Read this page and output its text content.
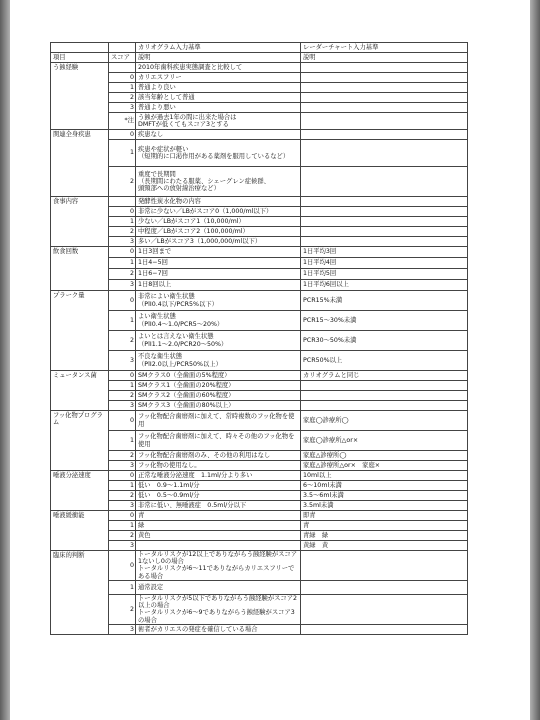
		カリオグラム入力基準	レーダーチャート入力基準
項目	スコア	説明	説明
う蝕経験		2010年歯科疾患実態調査と比較して	
	0	カリエスフリー	
	1	普通より良い	
	2	該当年齢として普通	
	3	普通より悪い	
	*注	う蝕が過去1年の間に出来た場合は
DMFTが低くてもスコア3とする	
関連全身疾患	0	疾患なし	
	1	疾患や症状が軽い
（短期的に口渇作用がある薬剤を服用しているなど）	
	2	重度で長期間
（長期間にわたる服薬、シェーグレン症候群、
頭頸部への放射線治療など）	
食事内容		発酵性炭水化物の内容	
	0	非常に少ない／LBがスコア0（1,000/ml以下）	
	1	少ない／LBがスコア1（10,000/ml）	
	2	中程度／LBがスコア2（100,000/ml）	
	3	多い／LBがスコア3（1,000,000/ml以下）	
飲食回数	0	1日3回まで	1日平均3回
	1	1日4−5回	1日平均4回
	2	1日6−7回	1日平均5回
	3	1日8回以上	1日平均6回以上
プラーク量	0	非常によい衛生状態
（PlI0.4以下/PCR5%以下）	PCR15%未満
	1	よい衛生状態
（PlI0.4〜1.0/PCR5〜20%）	PCR15〜30%未満
	2	よいとは言えない衛生状態
（PlI1.1〜2.0/PCR20〜50%）	PCR30〜50%未満
	3	不良な衛生状態
（PlI2.0以上/PCR50%以上）	PCR50%以上
ミュータンス菌	0	SMクラス0（全歯面の5%程度）	カリオグラムと同じ
	1	SMクラス1（全歯面の20%程度）	
	2	SMクラス2（全歯面の60%程度）	
	3	SMクラス3（全歯面の80%以上）	
フッ化物プログラム	0	フッ化物配合歯磨剤に加えて、常時複数のフッ化物を使用	家庭◯診療所◯
	1	フッ化物配合歯磨剤に加えて、時々その他のフッ化物を使用	家庭◯診療所△or×
	2	フッ化物配合歯磨剤のみ、その他の利用はなし	家庭△診療所◯
	3	フッ化物の使用なし。	家庭△診療所△or×　家庭×
唾液分泌速度	0	正常な唾液分泌速度　1.1ml/分より多い	10ml以上
	1	低い　0.9〜1.1ml/分	6〜10ml未満
	2	低い　0.5〜0.9ml/分	3.5〜6ml未満
	3	非常に低い、無唾液症　0.5ml/分以下	3.5ml未満
唾液緩衝能	0	青	即青
	1	緑	青
	2	黄色	青緑　緑
	3		黄緑　黄
臨床的判断	0	トータルリスクが12以上でありながらう蝕経験がスコア1ないし0の場合
トータルリスクが6〜11でありながらカリエスフリーである場合	
	1	通常設定	
	2	トータルリスクが5以下でありながらう蝕経験がスコア2以上の場合
トータルリスクが6〜9でありながらう蝕経験がスコア3の場合	
	3	術者がカリエスの発症を確信している場合	
